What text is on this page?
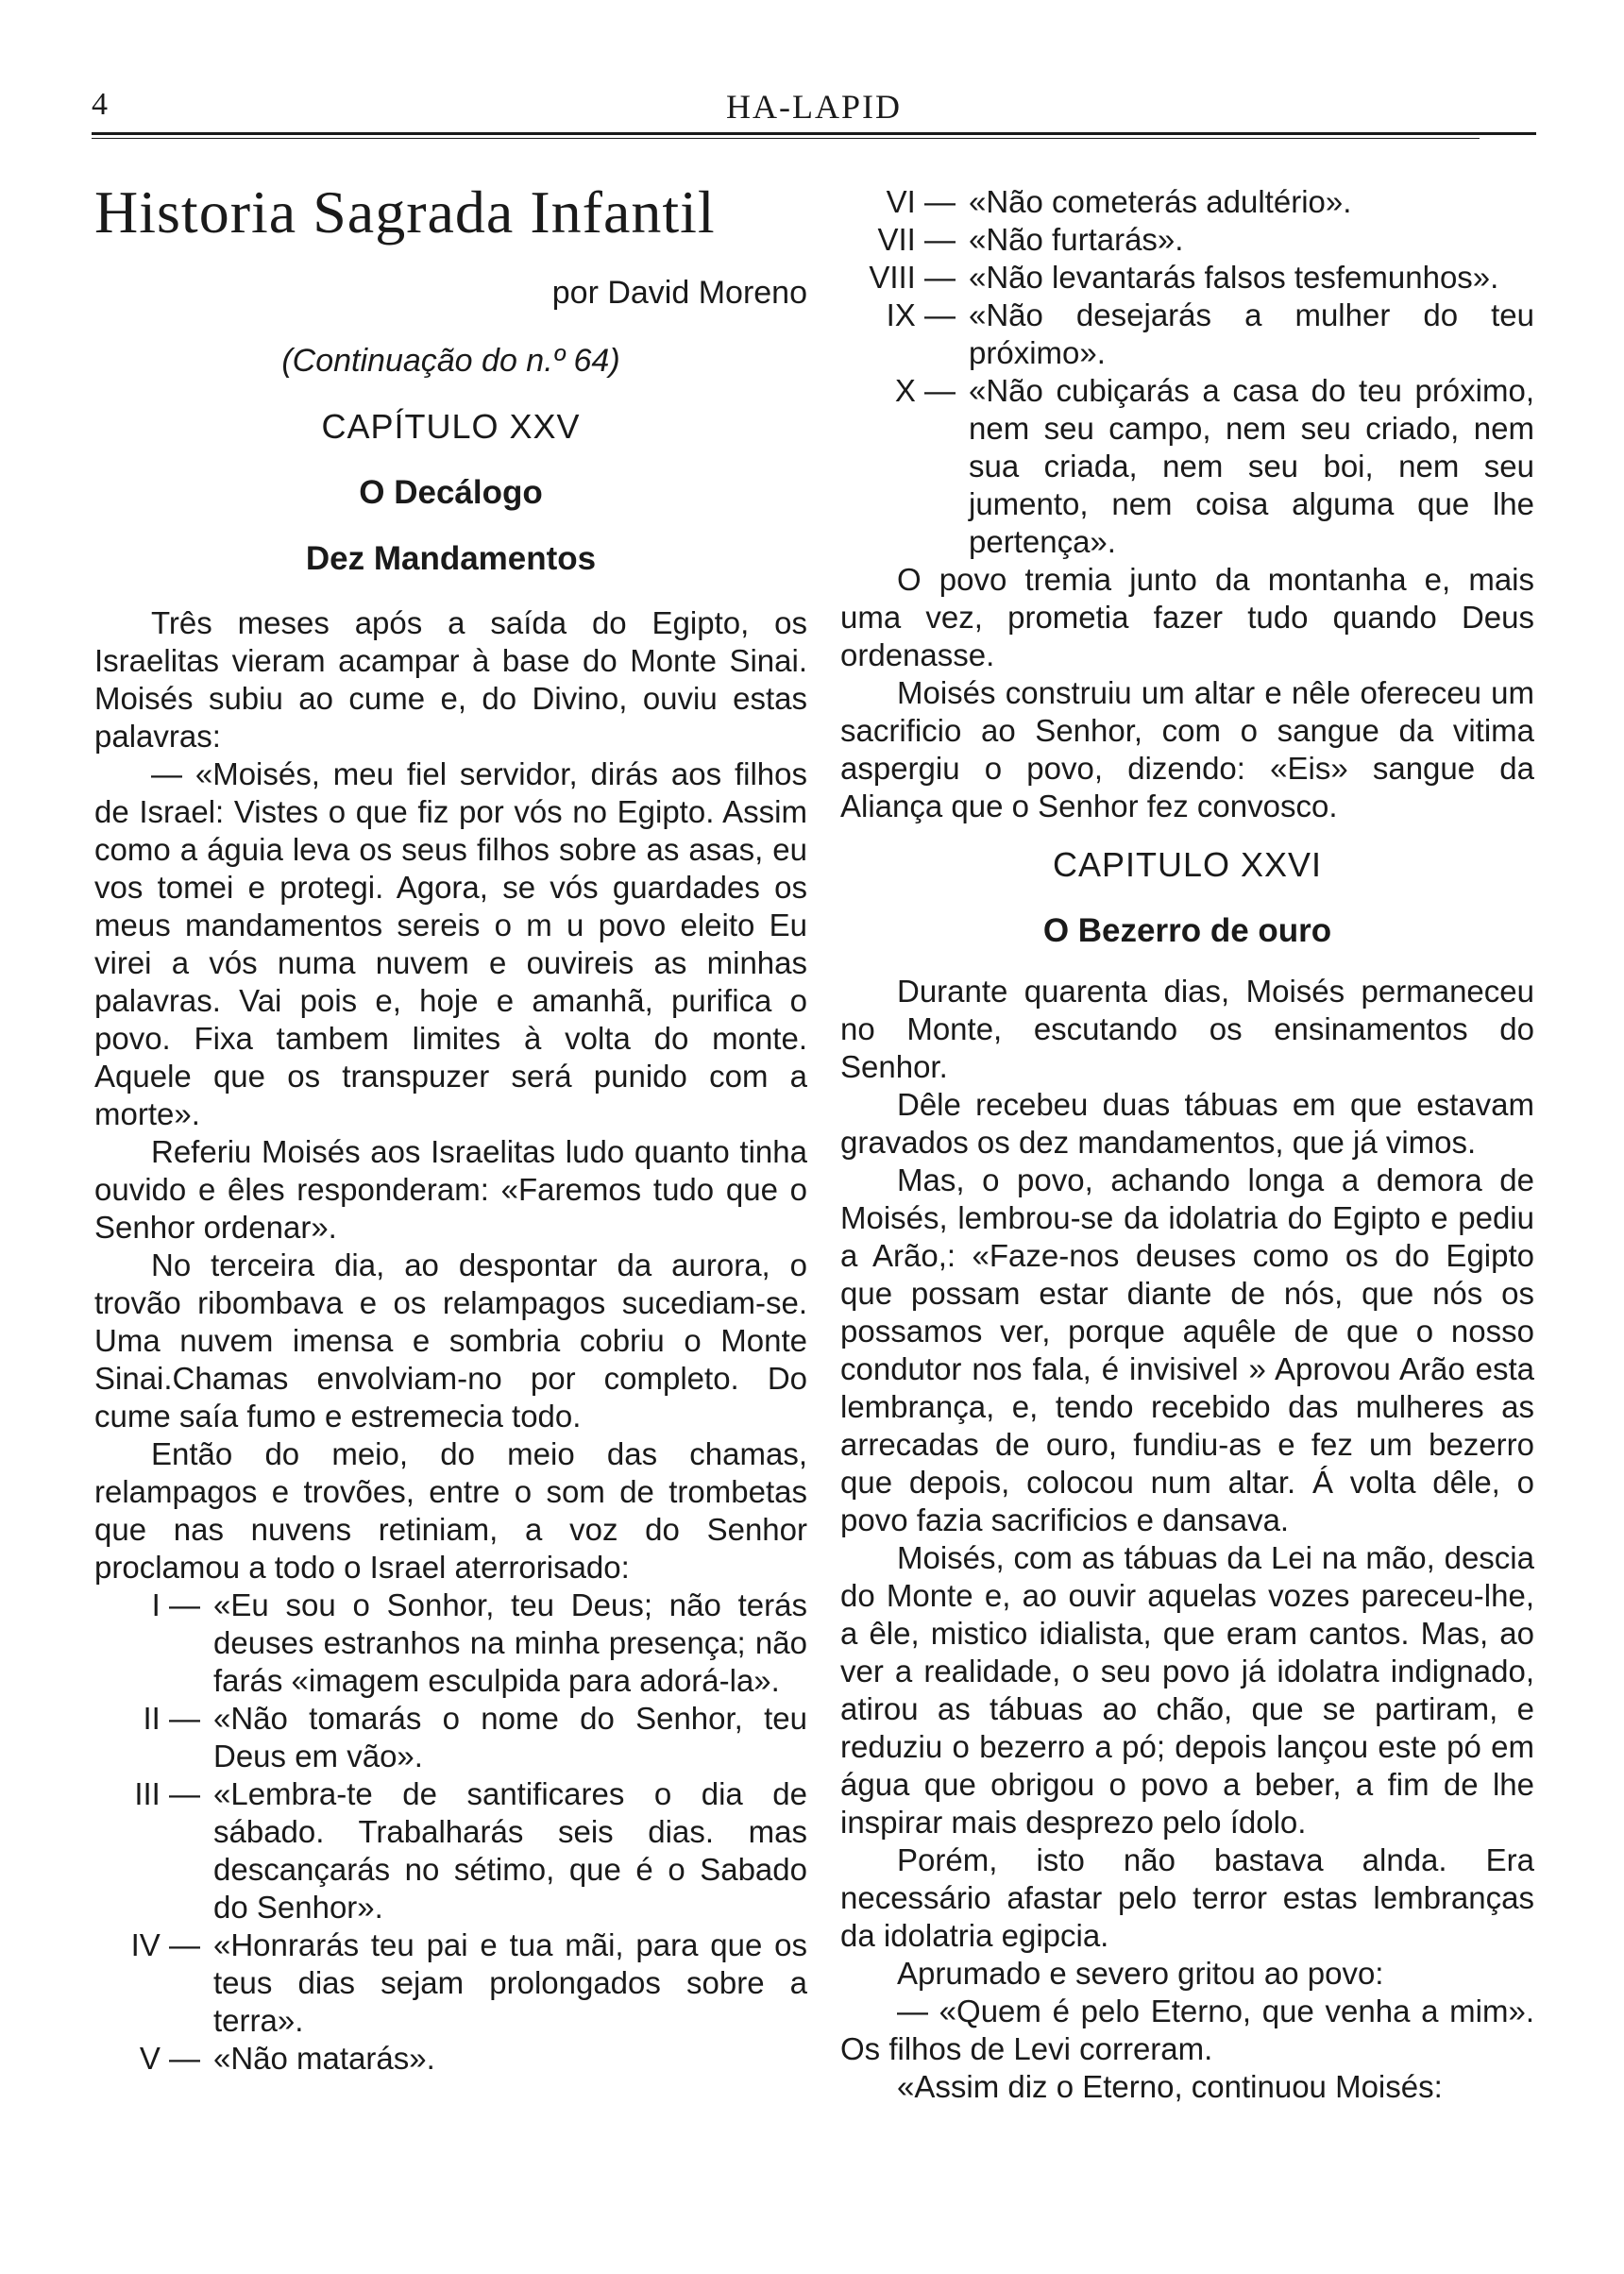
4	HA-LAPID
Historia Sagrada Infantil
por David Moreno
(Continuação do n.º 64)
CAPÍTULO XXV
O Decálogo
Dez Mandamentos

Três meses após a saída do Egipto, os Israelitas vieram acampar à base do Monte Sinai. Moisés subiu ao cume e, do Divino, ouviu estas palavras:

— «Moisés, meu fiel servidor, dirás aos filhos de Israel: Vistes o que fiz por vós no Egipto. Assim como a águia leva os seus filhos sobre as asas, eu vos tomei e protegi. Agora, se vós guardades os meus mandamentos sereis o m u povo eleito Eu virei a vós numa nuvem e ouvireis as minhas palavras. Vai pois e, hoje e amanhã, purifica o povo. Fixa tambem limites à volta do monte. Aquele que os transpuzer será punido com a morte».

Referiu Moisés aos Israelitas ludo quanto tinha ouvido e êles responderam: «Faremos tudo que o Senhor ordenar».

No terceira dia, ao despontar da aurora, o trovão ribombava e os relampagos sucediam-se. Uma nuvem imensa e sombria cobriu o Monte Sinai.Chamas envolviam-no por completo. Do cume saía fumo e estremecia todo.

Então do meio, do meio das chamas, relampagos e trovões, entre o som de trombetas que nas nuvens retiniam, a voz do Senhor proclamou a todo o Israel aterrorisado:

I — «Eu sou o Sonhor, teu Deus; não terás deuses estranhos na minha presença; não farás «imagem esculpida para adorá-la».
II — «Não tomarás o nome do Senhor, teu Deus em vão».
III — «Lembra-te de santificares o dia de sábado. Trabalharás seis dias. mas descançarás no sétimo, que é o Sabado do Senhor».
IV — «Honrarás teu pai e tua mãi, para que os teus dias sejam prolongados sobre a terra».
V — «Não matarás».
VI — «Não cometerás adultério».
VII — «Não furtarás».
VIII — «Não levantarás falsos tesfemunhos».
IX — «Não desejarás a mulher do teu próximo».
X — «Não cubiçarás a casa do teu próximo, nem seu campo, nem seu criado, nem sua criada, nem seu boi, nem seu jumento, nem coisa alguma que lhe pertença».

O povo tremia junto da montanha e, mais uma vez, prometia fazer tudo quando Deus ordenasse.

Moisés construiu um altar e nêle ofereceu um sacrificio ao Senhor, com o sangue da vitima aspergiu o povo, dizendo: «Eis» sangue da Aliança que o Senhor fez convosco.

CAPITULO XXVI
O Bezerro de ouro

Durante quarenta dias, Moisés permaneceu no Monte, escutando os ensinamentos do Senhor.

Dêle recebeu duas tábuas em que estavam gravados os dez mandamentos, que já vimos.

Mas, o povo, achando longa a demora de Moisés, lembrou-se da idolatria do Egipto e pediu a Arão,: «Faze-nos deuses como os do Egipto que possam estar diante de nós, que nós os possamos ver, porque aquêle de que o nosso condutor nos fala, é invisivel » Aprovou Arão esta lembrança, e, tendo recebido das mulheres as arrecadas de ouro, fundiu-as e fez um bezerro que depois, colocou num altar. Á volta dêle, o povo fazia sacrificios e dansava.

Moisés, com as tábuas da Lei na mão, descia do Monte e, ao ouvir aquelas vozes pareceu-lhe, a êle, mistico idialista, que eram cantos. Mas, ao ver a realidade, o seu povo já idolatra indignado, atirou as tábuas ao chão, que se partiram, e reduziu o bezerro a pó; depois lançou este pó em água que obrigou o povo a beber, a fim de lhe inspirar mais desprezo pelo ídolo.

Porém, isto não bastava alnda. Era necessário afastar pelo terror estas lembranças da idolatria egipcia.

Aprumado e severo gritou ao povo:

— «Quem é pelo Eterno, que venha a mim». Os filhos de Levi correram.

«Assim diz o Eterno, continuou Moisés:
